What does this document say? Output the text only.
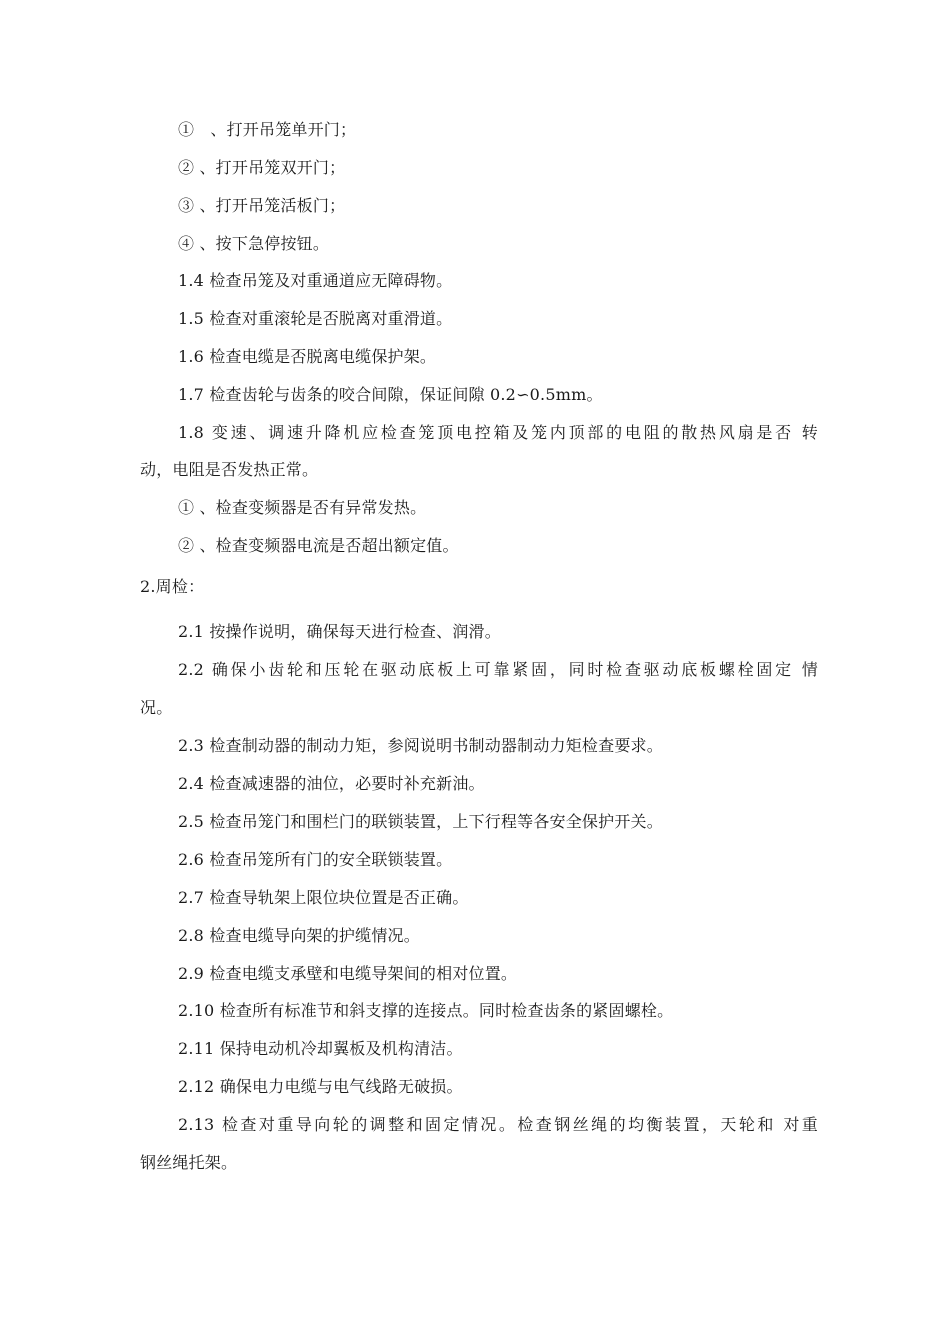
①　、打开吊笼单开门；
② 、打开吊笼双开门；
③ 、打开吊笼活板门；
④ 、按下急停按钮。
1.4 检查吊笼及对重通道应无障碍物。
1.5 检查对重滚轮是否脱离对重滑道。
1.6 检查电缆是否脱离电缆保护架。
1.7 检查齿轮与齿条的咬合间隙，保证间隙 0.2∽0.5mm。
1.8 变速、调速升降机应检查笼顶电控箱及笼内顶部的电阻的散热风扇是否 转
动，电阻是否发热正常。
① 、检查变频器是否有异常发热。
② 、检查变频器电流是否超出额定值。
2.周检：
2.1 按操作说明，确保每天进行检查、润滑。
2.2 确保小齿轮和压轮在驱动底板上可靠紧固，同时检查驱动底板螺栓固定 情
况。
2.3 检查制动器的制动力矩，参阅说明书制动器制动力矩检查要求。
2.4 检查减速器的油位，必要时补充新油。
2.5 检查吊笼门和围栏门的联锁装置，上下行程等各安全保护开关。
2.6 检查吊笼所有门的安全联锁装置。
2.7 检查导轨架上限位块位置是否正确。
2.8 检查电缆导向架的护缆情况。
2.9 检查电缆支承壁和电缆导架间的相对位置。
2.10 检查所有标准节和斜支撑的连接点。同时检查齿条的紧固螺栓。
2.11 保持电动机冷却翼板及机构清洁。
2.12 确保电力电缆与电气线路无破损。
2.13 检查对重导向轮的调整和固定情况。检查钢丝绳的均衡装置，天轮和 对重
钢丝绳托架。
